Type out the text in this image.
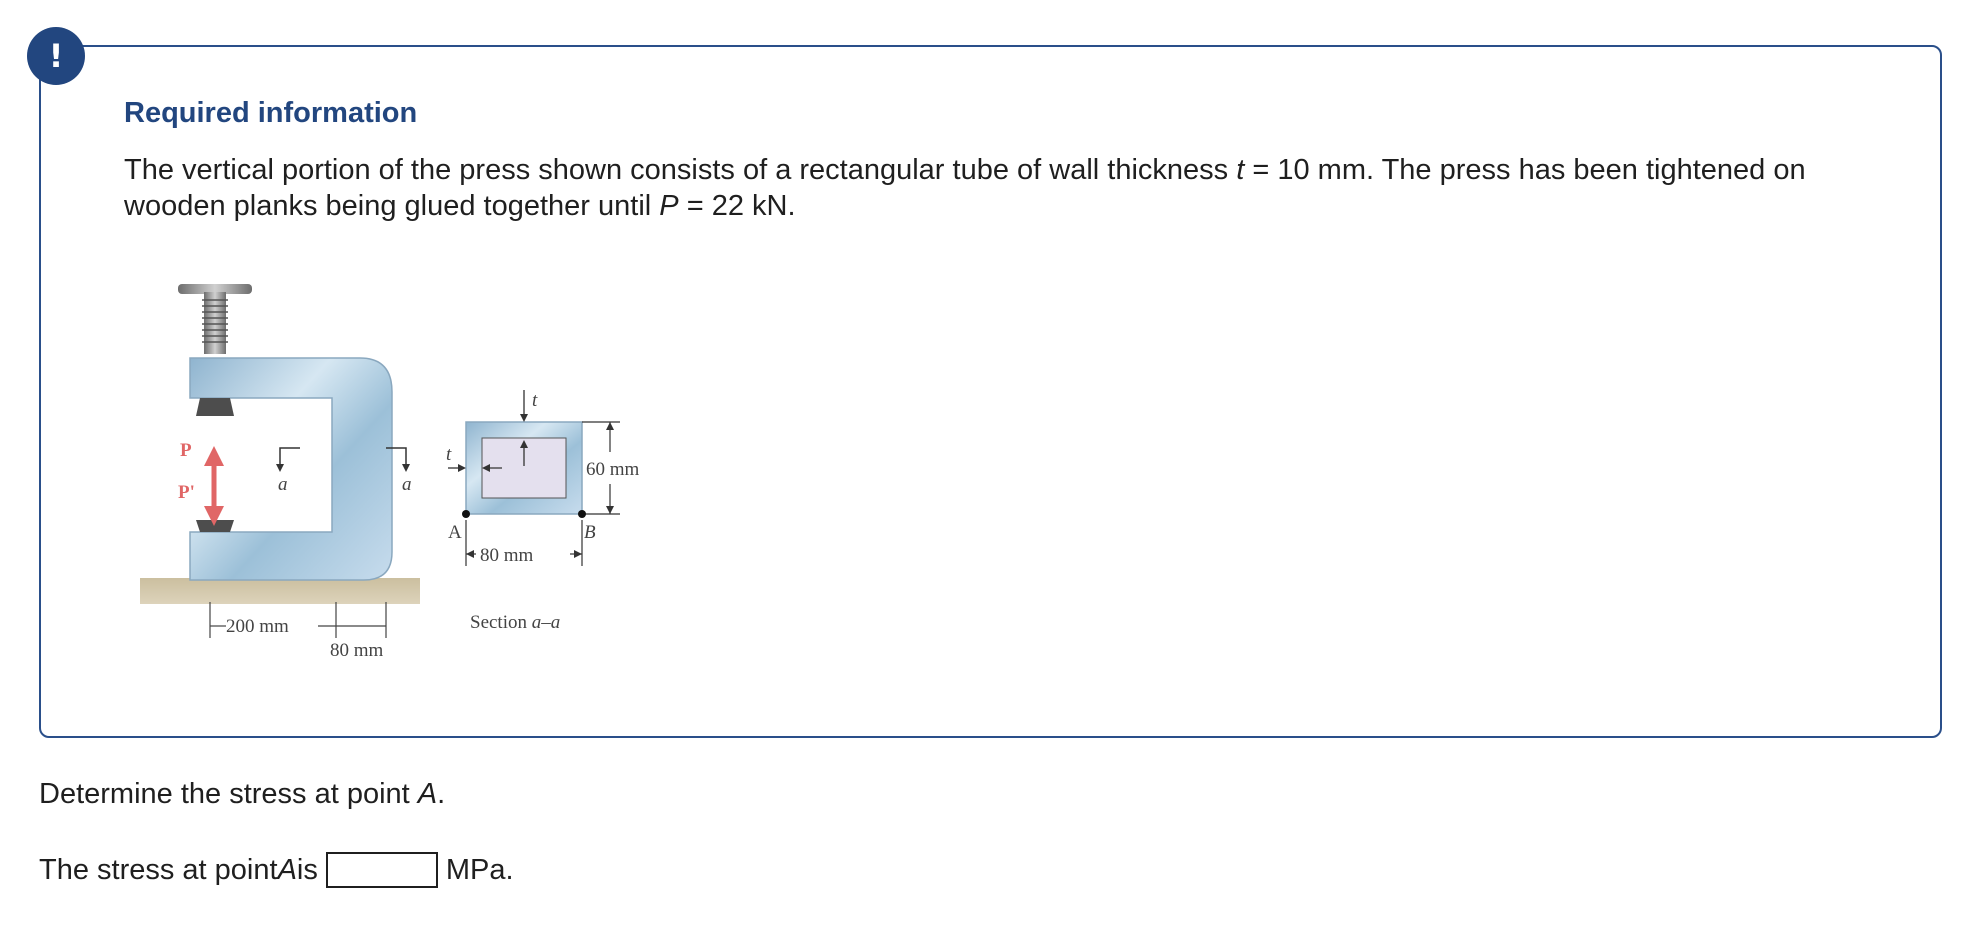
!
Required information
The vertical portion of the press shown consists of a rectangular tube of wall thickness t = 10 mm. The press has been tightened on wooden planks being glued together until P = 22 kN.
P
P'	a	a
200 mm
80 mm
t
t
60 mm
A	B
80 mm
Section a–a
Determine the stress at point A.
The stress at point A is	MPa.
